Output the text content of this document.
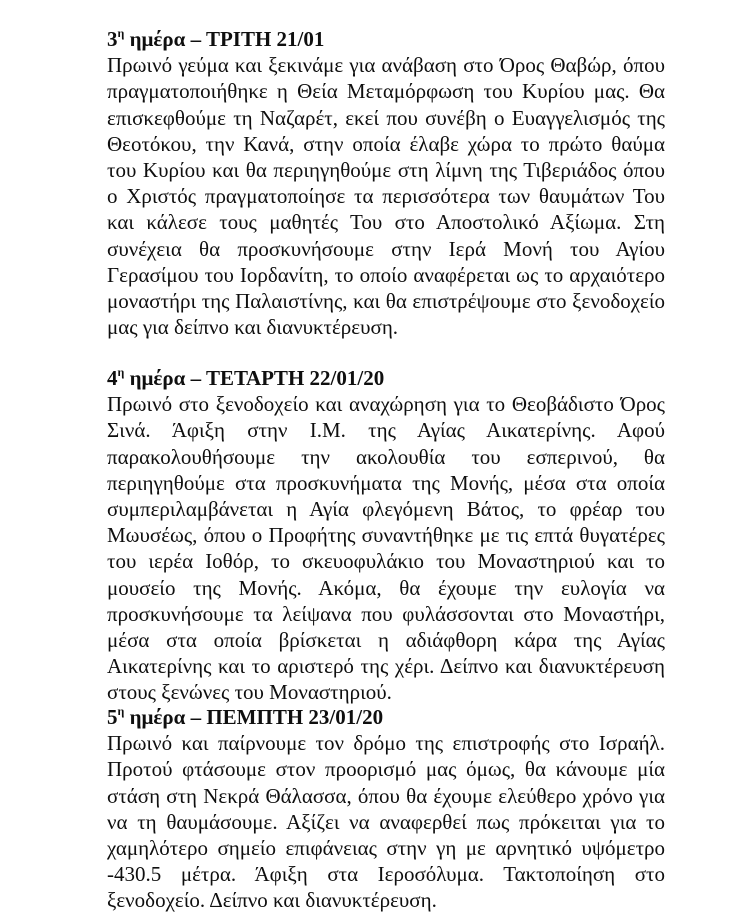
$3^\eta$ ημέρα – ΤΡΙΤΗ 21/01

Πρωινό γεύμα και ξεκινάμε για ανάβαση στο Όρος Θαβώρ, όπου πραγματοποιήθηκε η Θεία Μεταμόρφωση του Κυρίου μας. Θα επισκεφθούμε τη Ναζαρέτ, εκεί που συνέβη ο Ευαγγελισμός της Θεοτόκου, την Κανά, στην οποία έλαβε χώρα το πρώτο θαύμα του Κυρίου και θα περιηγηθούμε στη λίμνη της Τιβεριάδος όπου ο Χριστός πραγματοποίησε τα περισσότερα των θαυμάτων Του και κάλεσε τους μαθητές Του στο Αποστολικό Αξίωμα. Στη συνέχεια θα προσκυνήσουμε στην Ιερά Μονή του Αγίου Γερασίμου του Ιορδανίτη, το οποίο αναφέρεται ως το αρχαιότερο μοναστήρι της Παλαιστίνης, και θα επιστρέψουμε στο ξενοδοχείο μας για δείπνο και διανυκτέρευση.

$4^\eta$ ημέρα – ΤΕΤΑΡΤΗ 22/01/20

Πρωινό στο ξενοδοχείο και αναχώρηση για το Θεοβάδιστο Όρος Σινά. Άφιξη στην Ι.Μ. της Αγίας Αικατερίνης. Αφού παρακολουθήσουμε την ακολουθία του εσπερινού, θα περιηγηθούμε στα προσκυνήματα της Μονής, μέσα στα οποία συμπεριλαμβάνεται η Αγία φλεγόμενη Βάτος, το φρέαρ του Μωυσέως, όπου ο Προφήτης συναντήθηκε με τις επτά θυγατέρες του ιερέα Ιοθόρ, το σκευοφυλάκιο του Μοναστηριού και το μουσείο της Μονής. Ακόμα, θα έχουμε την ευλογία να προσκυνήσουμε τα λείψανα που φυλάσσονται στο Μοναστήρι, μέσα στα οποία βρίσκεται η αδιάφθορη κάρα της Αγίας Αικατερίνης και το αριστερό της χέρι. Δείπνο και διανυκτέρευση στους ξενώνες του Μοναστηριού.

$5^\eta$ ημέρα – ΠΕΜΠΤΗ 23/01/20

Πρωινό και παίρνουμε τον δρόμο της επιστροφής στο Ισραήλ. Προτού φτάσουμε στον προορισμό μας όμως, θα κάνουμε μία στάση στη Νεκρά Θάλασσα, όπου θα έχουμε ελεύθερο χρόνο για να τη θαυμάσουμε. Αξίζει να αναφερθεί πως πρόκειται για το χαμηλότερο σημείο επιφάνειας στην γη με αρνητικό υψόμετρο -430.5 μέτρα. Άφιξη στα Ιεροσόλυμα. Τακτοποίηση στο ξενοδοχείο. Δείπνο και διανυκτέρευση.
